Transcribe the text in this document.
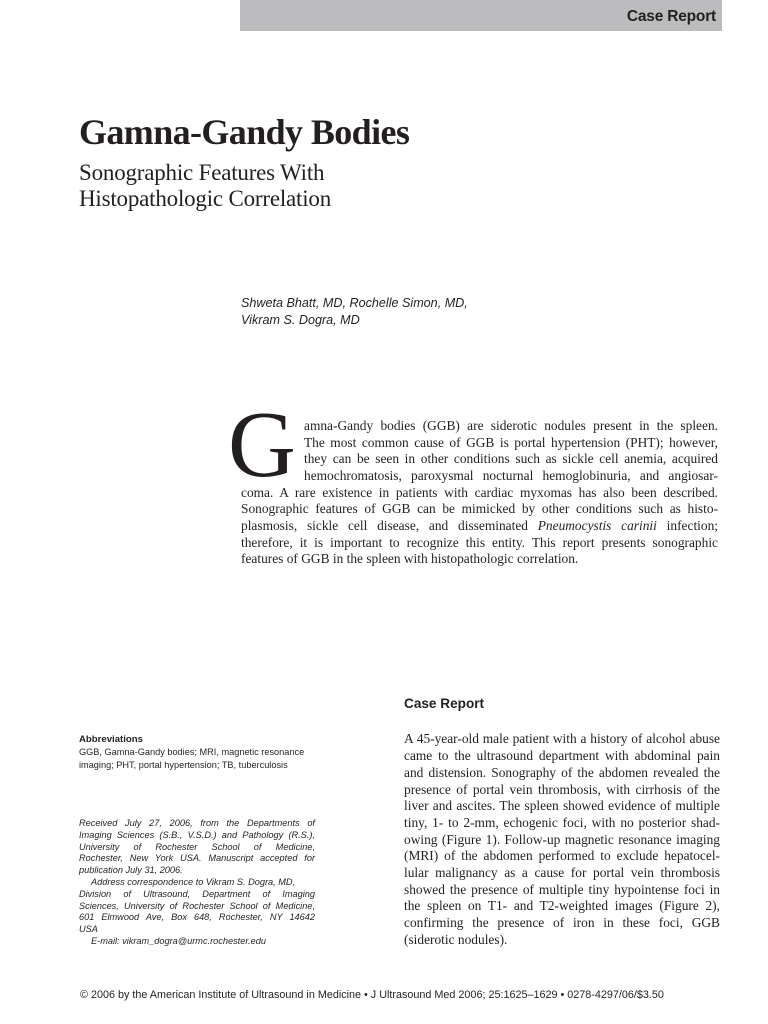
Case Report
Gamna-Gandy Bodies
Sonographic Features With
Histopathologic Correlation
Shweta Bhatt, MD, Rochelle Simon, MD,
Vikram S. Dogra, MD
G amna-Gandy bodies (GGB) are siderotic nodules present in the spleen.
The most common cause of GGB is portal hypertension (PHT); however,
they can be seen in other conditions such as sickle cell anemia, acquired
hemochromatosis, paroxysmal nocturnal hemoglobinuria, and angiosar-
coma. A rare existence in patients with cardiac myxomas has also been described.
Sonographic features of GGB can be mimicked by other conditions such as histo-
plasmosis, sickle cell disease, and disseminated Pneumocystis carinii infection;
therefore, it is important to recognize this entity. This report presents sonographic
features of GGB in the spleen with histopathologic correlation.
Case Report
A 45-year-old male patient with a history of alcohol abuse
came to the ultrasound department with abdominal pain
and distension. Sonography of the abdomen revealed the
presence of portal vein thrombosis, with cirrhosis of the
liver and ascites. The spleen showed evidence of multiple
tiny, 1- to 2-mm, echogenic foci, with no posterior shad-
owing (Figure 1). Follow-up magnetic resonance imaging
(MRI) of the abdomen performed to exclude hepatocel-
lular malignancy as a cause for portal vein thrombosis
showed the presence of multiple tiny hypointense foci in
the spleen on T1- and T2-weighted images (Figure 2),
confirming the presence of iron in these foci, GGB
(siderotic nodules).
Abbreviations
GGB, Gamna-Gandy bodies; MRI, magnetic resonance
imaging; PHT, portal hypertension; TB, tuberculosis
Received July 27, 2006, from the Departments of
Imaging Sciences (S.B., V.S.D.) and Pathology (R.S.),
University of Rochester School of Medicine,
Rochester, New York USA. Manuscript accepted for
publication July 31, 2006.
Address correspondence to Vikram S. Dogra, MD,
Division of Ultrasound, Department of Imaging
Sciences, University of Rochester School of Medicine,
601 Elmwood Ave, Box 648, Rochester, NY 14642
USA
E-mail: vikram_dogra@urmc.rochester.edu
© 2006 by the American Institute of Ultrasound in Medicine • J Ultrasound Med 2006; 25:1625–1629 • 0278-4297/06/$3.50
